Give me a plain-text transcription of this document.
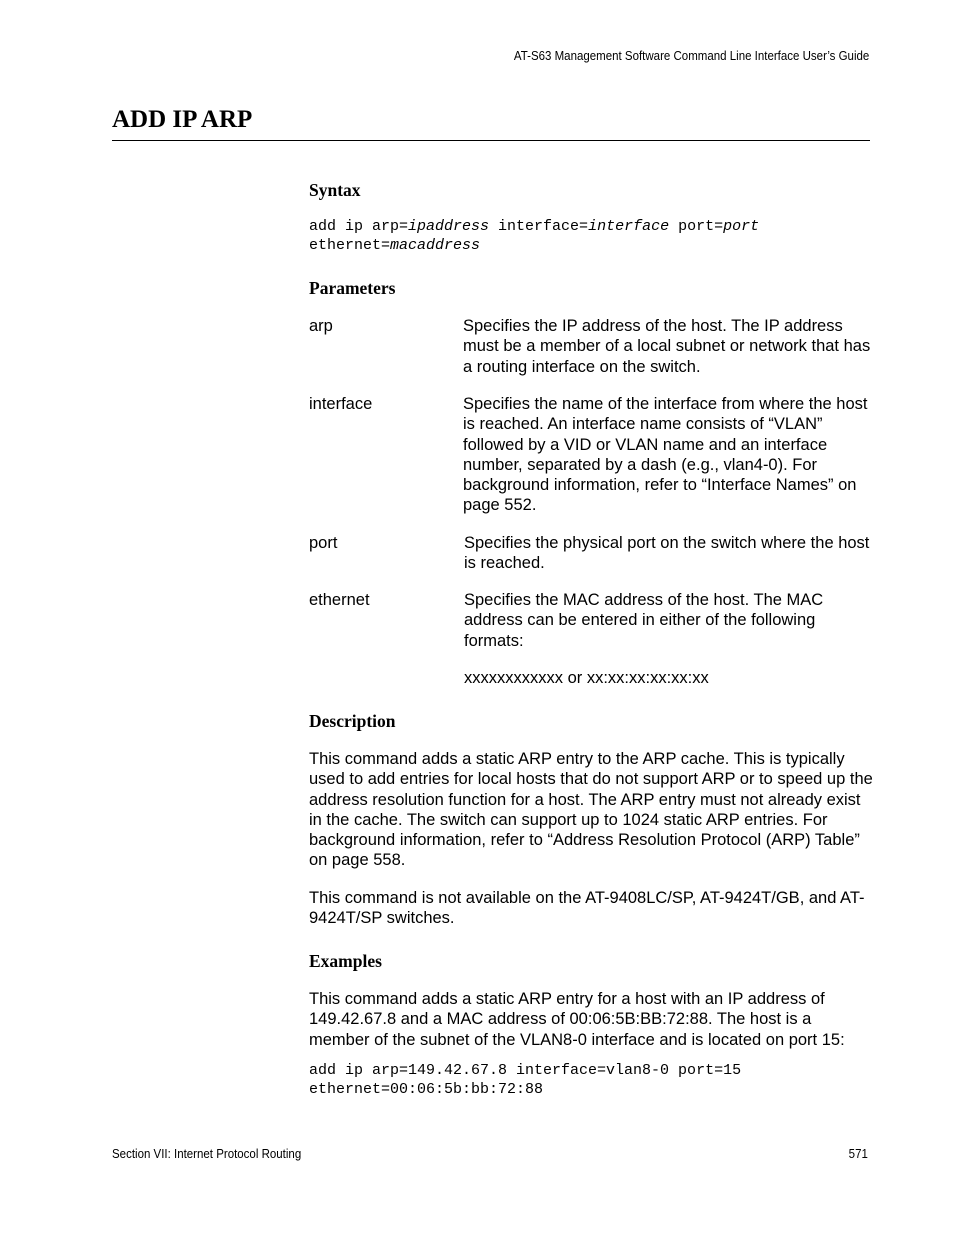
AT-S63 Management Software Command Line Interface User’s Guide
ADD IP ARP
Syntax
add ip arp=ipaddress interface=interface port=port
ethernet=macaddress
Parameters
arp	Specifies the IP address of the host. The IP address must be a member of a local subnet or network that has a routing interface on the switch.
interface	Specifies the name of the interface from where the host is reached. An interface name consists of “VLAN” followed by a VID or VLAN name and an interface number, separated by a dash (e.g., vlan4-0). For background information, refer to “Interface Names” on page 552.
port	Specifies the physical port on the switch where the host is reached.
ethernet	Specifies the MAC address of the host. The MAC address can be entered in either of the following formats:
xxxxxxxxxxxx or xx:xx:xx:xx:xx:xx
Description

This command adds a static ARP entry to the ARP cache. This is typically used to add entries for local hosts that do not support ARP or to speed up the address resolution function for a host. The ARP entry must not already exist in the cache. The switch can support up to 1024 static ARP entries. For background information, refer to “Address Resolution Protocol (ARP) Table” on page 558.

This command is not available on the AT-9408LC/SP, AT-9424T/GB, and AT-9424T/SP switches.

Examples

This command adds a static ARP entry for a host with an IP address of 149.42.67.8 and a MAC address of 00:06:5B:BB:72:88. The host is a member of the subnet of the VLAN8-0 interface and is located on port 15:

add ip arp=149.42.67.8 interface=vlan8-0 port=15
ethernet=00:06:5b:bb:72:88
Section VII: Internet Protocol Routing	571
